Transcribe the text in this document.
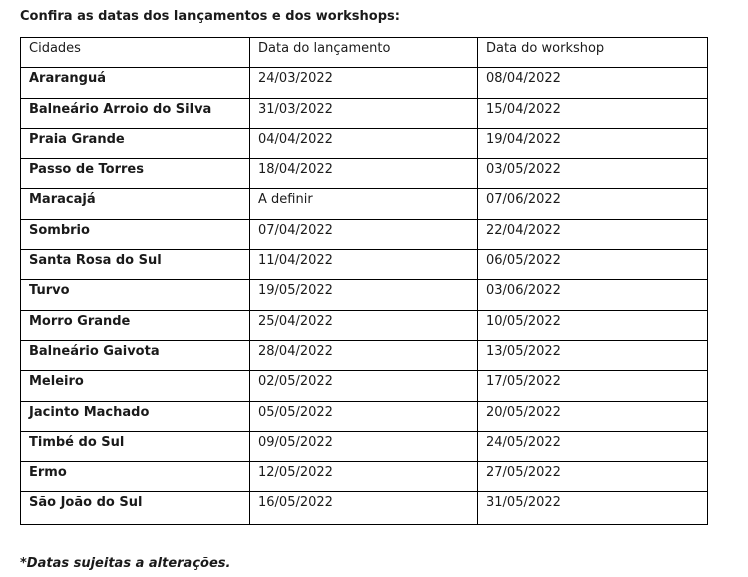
Confira as datas dos lançamentos e dos workshops:

Cidades	Data do lançamento	Data do workshop
Araranguá	24/03/2022	08/04/2022
Balneário Arroio do Silva	31/03/2022	15/04/2022
Praia Grande	04/04/2022	19/04/2022
Passo de Torres	18/04/2022	03/05/2022
Maracajá	A definir	07/06/2022
Sombrio	07/04/2022	22/04/2022
Santa Rosa do Sul	11/04/2022	06/05/2022
Turvo	19/05/2022	03/06/2022
Morro Grande	25/04/2022	10/05/2022
Balneário Gaivota	28/04/2022	13/05/2022
Meleiro	02/05/2022	17/05/2022
Jacinto Machado	05/05/2022	20/05/2022
Timbé do Sul	09/05/2022	24/05/2022
Ermo	12/05/2022	27/05/2022
São João do Sul	16/05/2022	31/05/2022

*Datas sujeitas a alterações.
